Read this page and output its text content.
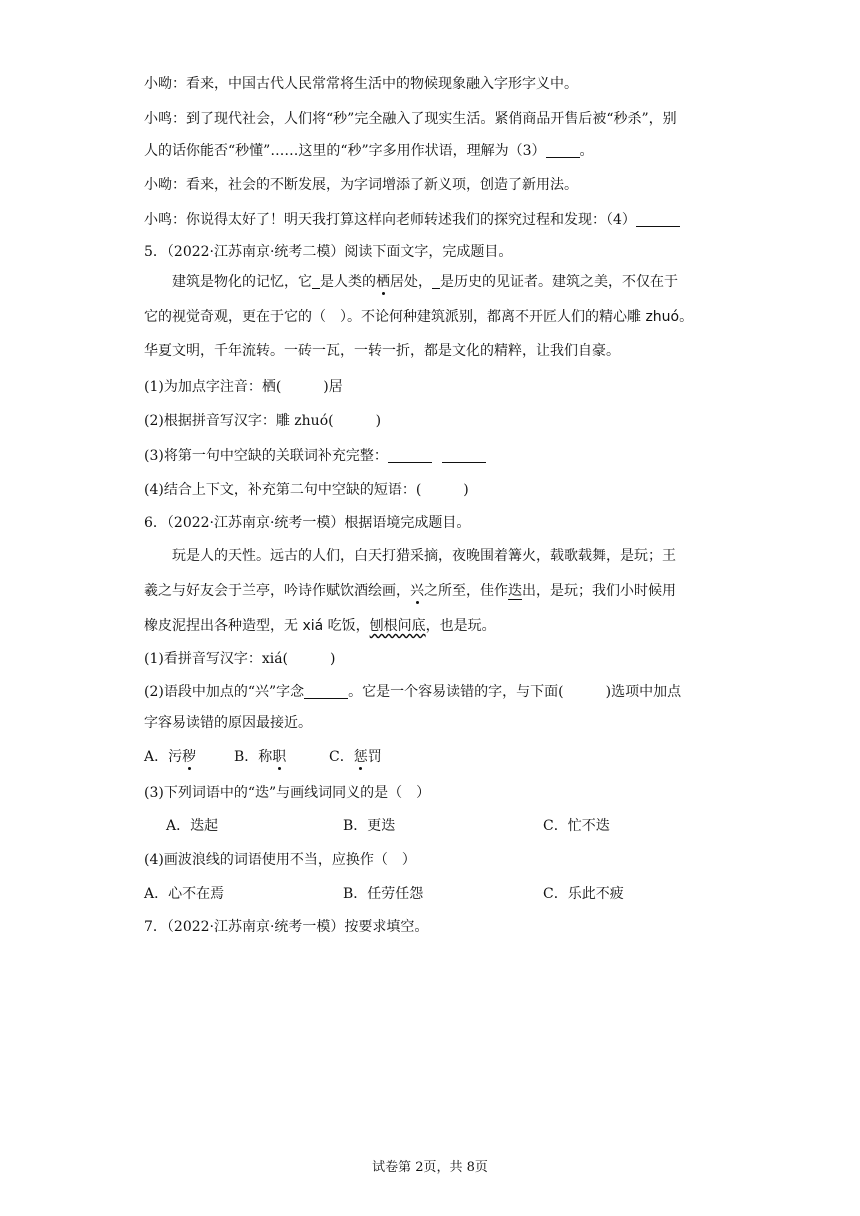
小呦：看来，中国古代人民常常将生活中的物候现象融入字形字义中。
小鸣：到了现代社会，人们将“秒”完全融入了现实生活。紧俏商品开售后被“秒杀”，别
人的话你能否“秒懂”……这里的“秒”字多用作状语，理解为（3） 。
小呦：看来，社会的不断发展，为字词增添了新义项，创造了新用法。
小鸣：你说得太好了！明天我打算这样向老师转述我们的探究过程和发现：（4）
5．（2022·江苏南京·统考二模）阅读下面文字，完成题目。
建筑是物化的记忆，它 是人类的栖居处， 是历史的见证者。建筑之美，不仅在于
它的视觉奇观，更在于它的（　）。不论何种建筑派别，都离不开匠人们的精心雕 zhuó。
华夏文明，千年流转。一砖一瓦，一转一折，都是文化的精粹，让我们自豪。
(1)为加点字注音：栖(　　　)居
(2)根据拼音写汉字：雕 zhuó(　　　)
(3)将第一句中空缺的关联词补充完整：
(4)结合上下文，补充第二句中空缺的短语：(　　　)
6．（2022·江苏南京·统考一模）根据语境完成题目。
玩是人的天性。远古的人们，白天打猎采摘，夜晚围着篝火，载歌载舞，是玩；王
羲之与好友会于兰亭，吟诗作赋饮酒绘画，兴之所至，佳作迭出，是玩；我们小时候用
橡皮泥捏出各种造型，无 xiá 吃饭，刨根问底，也是玩。
(1)看拼音写汉字：xiá(　　　)
(2)语段中加点的“兴”字念	。它是一个容易读错的字，与下面(　　　)选项中加点
字容易读错的原因最接近。
A．污秽	B．称职	C．惩罚
(3)下列词语中的“迭”与画线词同义的是（　）
A．迭起	B．更迭	C．忙不迭
(4)画波浪线的词语使用不当，应换作（　）
A．心不在焉	B．任劳任怨	C．乐此不疲
7．（2022·江苏南京·统考一模）按要求填空。
试卷第 2页，共 8页
